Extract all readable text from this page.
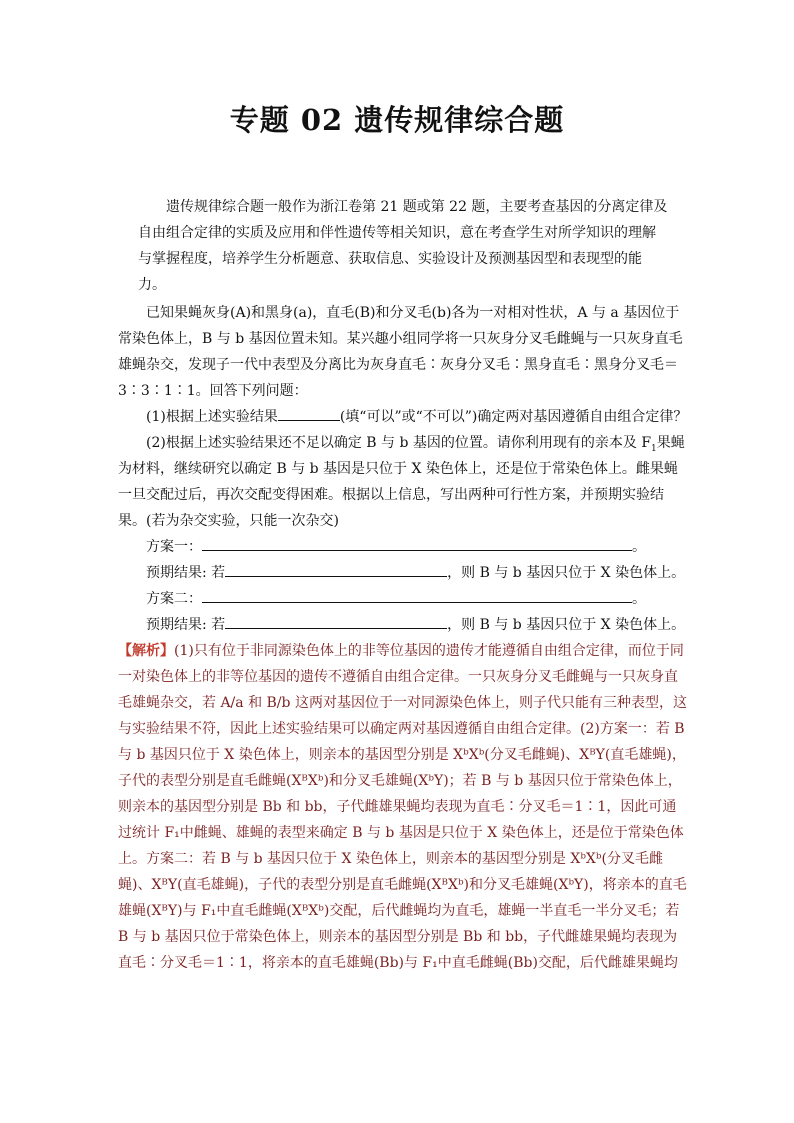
专题 02 遗传规律综合题

遗传规律综合题一般作为浙江卷第 21 题或第 22 题，主要考查基因的分离定律及自由组合定律的实质及应用和伴性遗传等相关知识，意在考查学生对所学知识的理解与掌握程度，培养学生分析题意、获取信息、实验设计及预测基因型和表现型的能力。

已知果蝇灰身(A)和黑身(a)，直毛(B)和分叉毛(b)各为一对相对性状，A 与 a 基因位于常染色体上，B 与 b 基因位置未知。某兴趣小组同学将一只灰身分叉毛雌蝇与一只灰身直毛雄蝇杂交，发现子一代中表型及分离比为灰身直毛∶灰身分叉毛∶黑身直毛∶黑身分叉毛＝3∶3∶1∶1。回答下列问题：

(1)根据上述实验结果	(填“可以”或“不可以”)确定两对基因遵循自由组合定律？

(2)根据上述实验结果还不足以确定 B 与 b 基因的位置。请你利用现有的亲本及 $F_1$果蝇为材料，继续研究以确定 B 与 b 基因是只位于 X 染色体上，还是位于常染色体上。雌果蝇一旦交配过后，再次交配变得困难。根据以上信息，写出两种可行性方案，并预期实验结果。(若为杂交实验，只能一次杂交)

方案一：	。

预期结果: 若	，则 B 与 b 基因只位于 X 染色体上。

方案二：	。

预期结果: 若	，则 B 与 b 基因只位于 X 染色体上。

【解析】(1)只有位于非同源染色体上的非等位基因的遗传才能遵循自由组合定律，而位于同一对染色体上的非等位基因的遗传不遵循自由组合定律。一只灰身分叉毛雌蝇与一只灰身直毛雄蝇杂交，若 A/a 和 B/b 这两对基因位于一对同源染色体上，则子代只能有三种表型，这与实验结果不符，因此上述实验结果可以确定两对基因遵循自由组合定律。(2)方案一：若 B 与 b 基因只位于 X 染色体上，则亲本的基因型分别是 XᵇXᵇ(分叉毛雌蝇)、XᴮY(直毛雄蝇)，子代的表型分别是直毛雌蝇(XᴮXᵇ)和分叉毛雄蝇(XᵇY)；若 B 与 b 基因只位于常染色体上，则亲本的基因型分别是 Bb 和 bb，子代雌雄果蝇均表现为直毛∶分叉毛＝1∶1，因此可通过统计 F₁中雌蝇、雄蝇的表型来确定 B 与 b 基因是只位于 X 染色体上，还是位于常染色体上。方案二：若 B 与 b 基因只位于 X 染色体上，则亲本的基因型分别是 XᵇXᵇ(分叉毛雌蝇)、XᴮY(直毛雄蝇)，子代的表型分别是直毛雌蝇(XᴮXᵇ)和分叉毛雄蝇(XᵇY)，将亲本的直毛雄蝇(XᴮY)与 F₁中直毛雌蝇(XᴮXᵇ)交配，后代雌蝇均为直毛，雄蝇一半直毛一半分叉毛；若 B 与 b 基因只位于常染色体上，则亲本的基因型分别是 Bb 和 bb，子代雌雄果蝇均表现为直毛∶分叉毛＝1∶1，将亲本的直毛雄蝇(Bb)与 F₁中直毛雌蝇(Bb)交配，后代雌雄果蝇均
